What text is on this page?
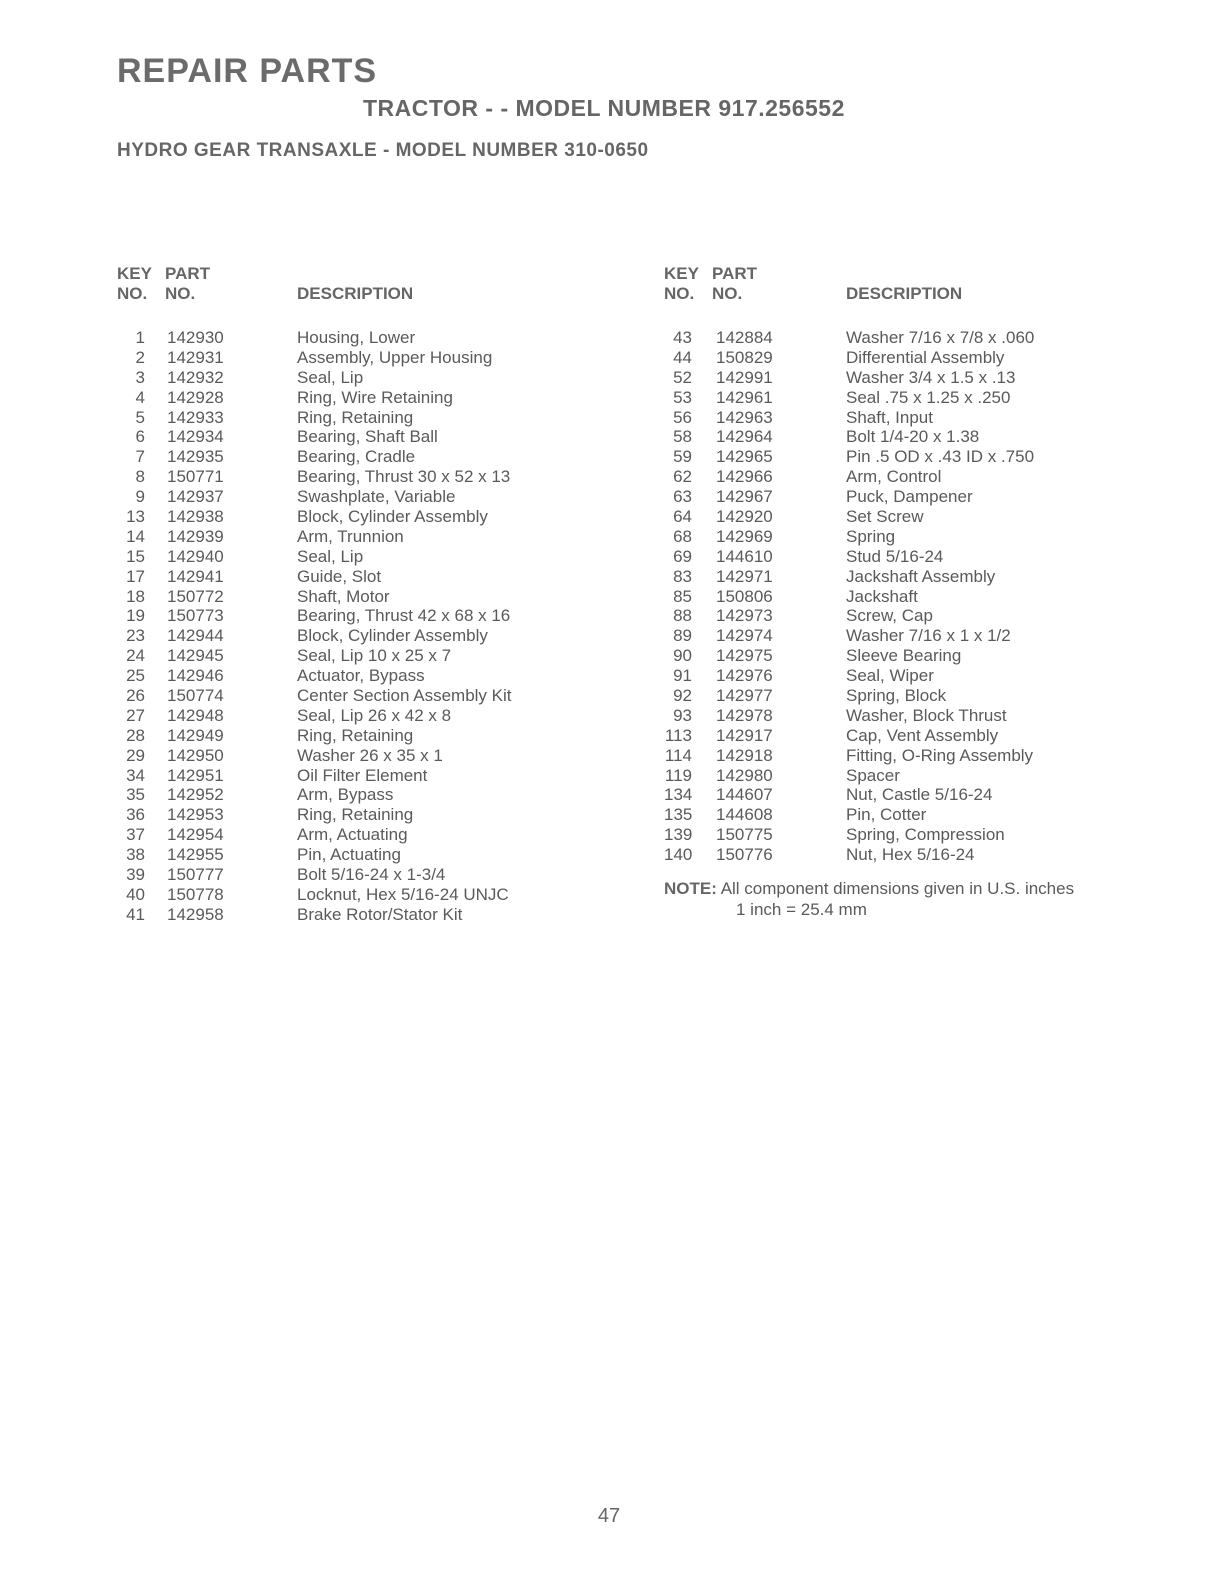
REPAIR PARTS
TRACTOR - - MODEL NUMBER 917.256552
HYDRO GEAR TRANSAXLE - MODEL NUMBER 310-0650
KEY
NO.
PART
NO.	DESCRIPTION
1 142930	Housing, Lower
2 142931	Assembly, Upper Housing
3 142932	Seal, Lip
4 142928	Ring, Wire Retaining
5 142933	Ring, Retaining
6 142934	Bearing, Shaft Ball
7 142935	Bearing, Cradle
8 150771	Bearing, Thrust 30 x 52 x 13
9 142937	Swashplate, Variable
13 142938	Block, Cylinder Assembly
14 142939	Arm, Trunnion
15 142940	Seal, Lip
17 142941	Guide, Slot
18 150772	Shaft, Motor
19 150773	Bearing, Thrust 42 x 68 x 16
23 142944	Block, Cylinder Assembly
24 142945	Seal, Lip 10 x 25 x 7
25 142946	Actuator, Bypass
26 150774	Center Section Assembly Kit
27 142948	Seal, Lip 26 x 42 x 8
28 142949	Ring, Retaining
29 142950	Washer 26 x 35 x 1
34 142951	Oil Filter Element
35 142952	Arm, Bypass
36 142953	Ring, Retaining
37 142954	Arm, Actuating
38 142955	Pin, Actuating
39 150777	Bolt 5/16-24 x 1-3/4
40 150778	Locknut, Hex 5/16-24 UNJC
41 142958	Brake Rotor/Stator Kit
KEY
NO.
PART
NO.	DESCRIPTION
43 142884	Washer 7/16 x 7/8 x .060
44 150829	Differential Assembly
52 142991	Washer 3/4 x 1.5 x .13
53 142961	Seal .75 x 1.25 x .250
56 142963	Shaft, Input
58 142964	Bolt 1/4-20 x 1.38
59 142965	Pin .5 OD x .43 ID x .750
62 142966	Arm, Control
63 142967	Puck, Dampener
64 142920	Set Screw
68 142969	Spring
69 144610	Stud 5/16-24
83 142971	Jackshaft Assembly
85 150806	Jackshaft
88 142973	Screw, Cap
89 142974	Washer 7/16 x 1 x 1/2
90 142975	Sleeve Bearing
91 142976	Seal, Wiper
92 142977	Spring, Block
93 142978	Washer, Block Thrust
113 142917	Cap, Vent Assembly
114 142918	Fitting, O-Ring Assembly
119 142980	Spacer
134 144607	Nut, Castle 5/16-24
135 144608	Pin, Cotter
139 150775	Spring, Compression
140 150776	Nut, Hex 5/16-24
NOTE: All component dimensions given in U.S. inches
1 inch = 25.4 mm
47
